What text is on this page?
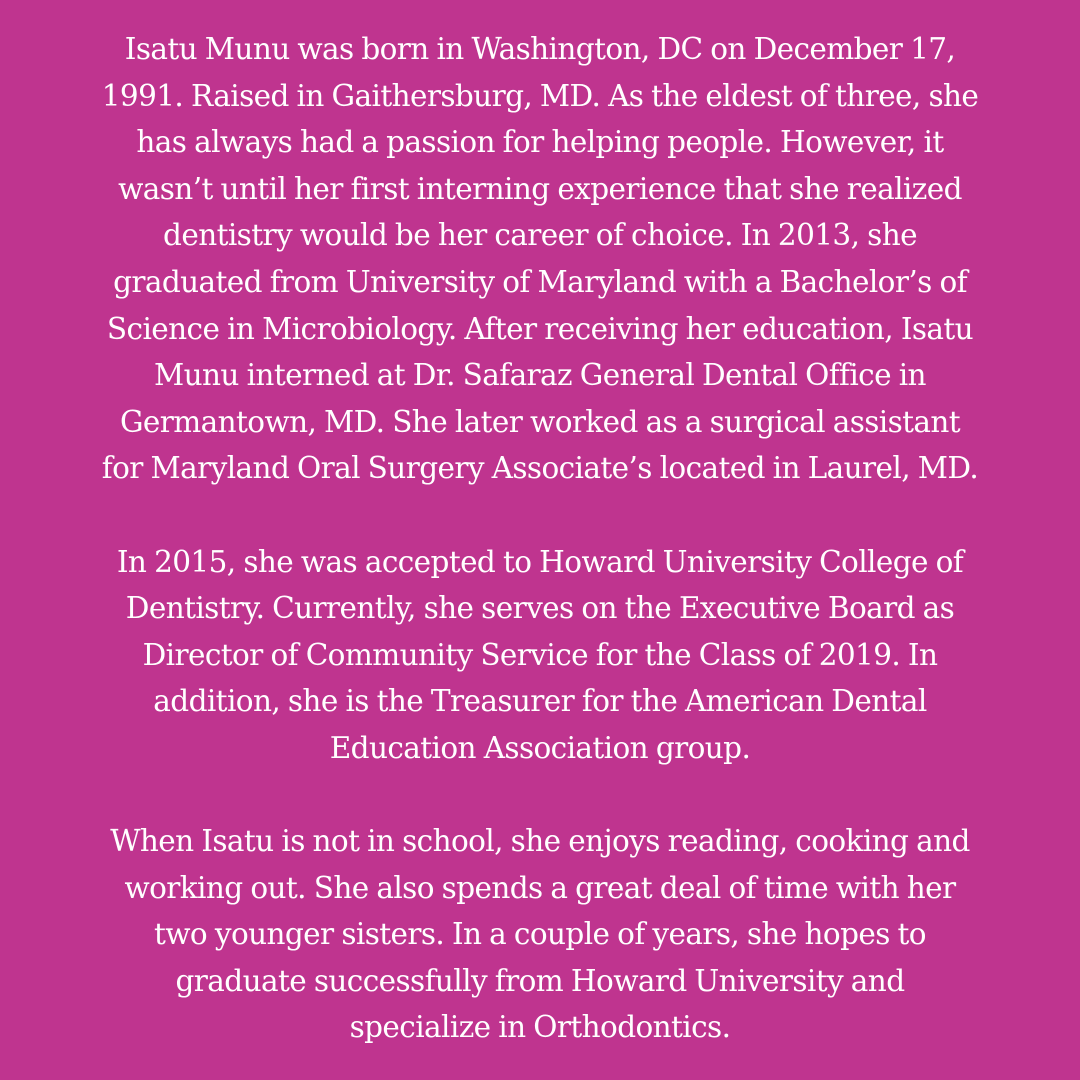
Isatu Munu was born in Washington, DC on December 17,
1991. Raised in Gaithersburg, MD. As the eldest of three, she
has always had a passion for helping people. However, it
wasn’t until her first interning experience that she realized
dentistry would be her career of choice. In 2013, she
graduated from University of Maryland with a Bachelor’s of
Science in Microbiology. After receiving her education, Isatu
Munu interned at Dr. Safaraz General Dental Office in
Germantown, MD. She later worked as a surgical assistant
for Maryland Oral Surgery Associate’s located in Laurel, MD.

In 2015, she was accepted to Howard University College of
Dentistry. Currently, she serves on the Executive Board as
Director of Community Service for the Class of 2019. In
addition, she is the Treasurer for the American Dental
Education Association group.

When Isatu is not in school, she enjoys reading, cooking and
working out. She also spends a great deal of time with her
two younger sisters. In a couple of years, she hopes to
graduate successfully from Howard University and
specialize in Orthodontics.
